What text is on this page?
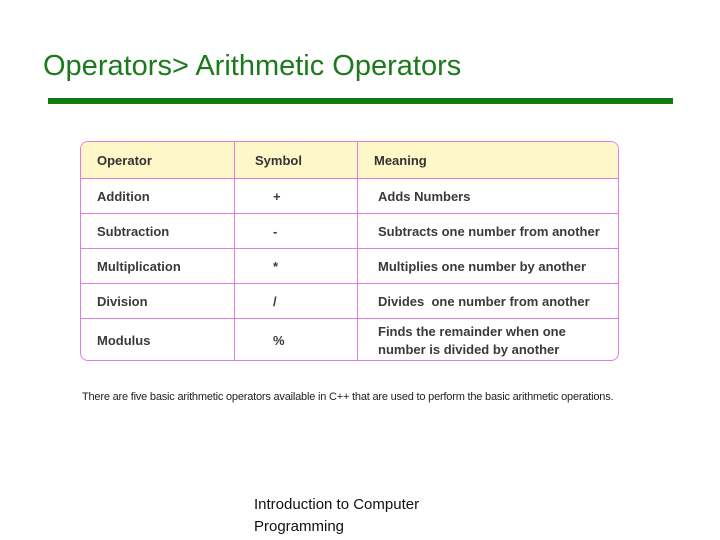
Operators> Arithmetic Operators
Operator	Symbol	Meaning
Addition	+	Adds Numbers
Subtraction	-	Subtracts one number from another
Multiplication	*	Multiplies one number by another
Division	/	Divides  one number from another
Modulus	%	Finds the remainder when one number is divided by another
There are five basic arithmetic operators available in C++ that are used to perform the basic arithmetic operations.
Introduction to Computer
Programming
